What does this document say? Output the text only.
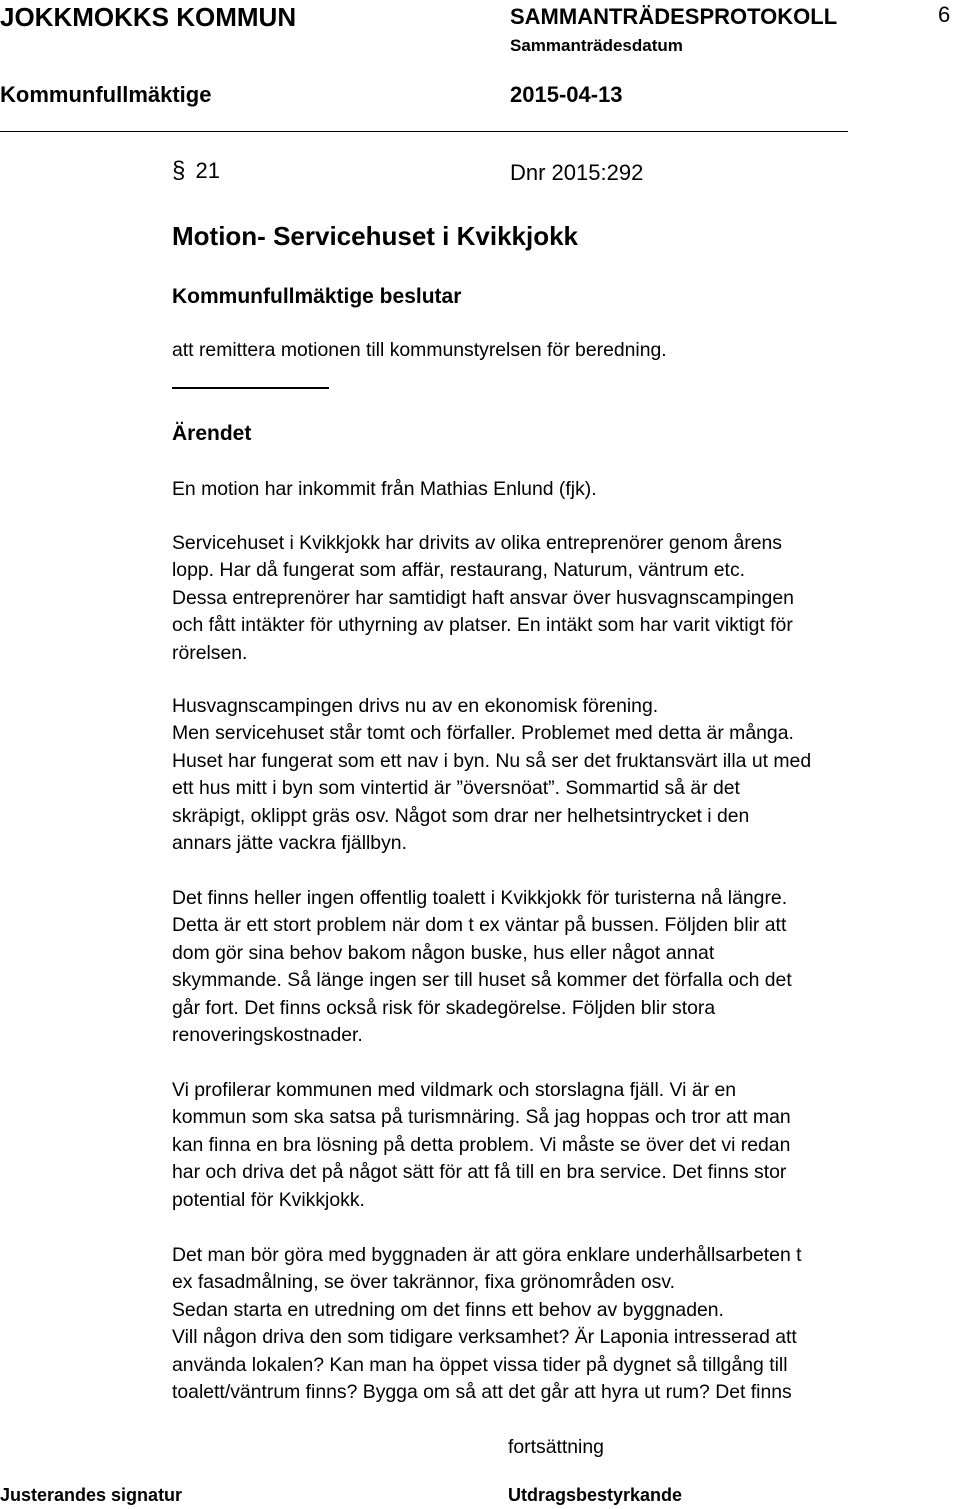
JOKKMOKKS KOMMUN	SAMMANTRÄDESPROTOKOLL	6
Sammanträdesdatum
Kommunfullmäktige	2015-04-13
§ 21	Dnr 2015:292
Motion- Servicehuset i Kvikkjokk
Kommunfullmäktige beslutar
att remittera motionen till kommunstyrelsen för beredning.
Ärendet
En motion har inkommit från Mathias Enlund (fjk).
Servicehuset i Kvikkjokk har drivits av olika entreprenörer genom årens
lopp. Har då fungerat som affär, restaurang, Naturum, väntrum etc.
Dessa entreprenörer har samtidigt haft ansvar över husvagnscampingen
och fått intäkter för uthyrning av platser. En intäkt som har varit viktigt för
rörelsen.
Husvagnscampingen drivs nu av en ekonomisk förening.
Men servicehuset står tomt och förfaller. Problemet med detta är många.
Huset har fungerat som ett nav i byn. Nu så ser det fruktansvärt illa ut med
ett hus mitt i byn som vintertid är ”översnöat”. Sommartid så är det
skräpigt, oklippt gräs osv. Något som drar ner helhetsintrycket i den
annars jätte vackra fjällbyn.
Det finns heller ingen offentlig toalett i Kvikkjokk för turisterna nå längre.
Detta är ett stort problem när dom t ex väntar på bussen. Följden blir att
dom gör sina behov bakom någon buske, hus eller något annat
skymmande. Så länge ingen ser till huset så kommer det förfalla och det
går fort. Det finns också risk för skadegörelse. Följden blir stora
renoveringskostnader.
Vi profilerar kommunen med vildmark och storslagna fjäll. Vi är en
kommun som ska satsa på turismnäring. Så jag hoppas och tror att man
kan finna en bra lösning på detta problem. Vi måste se över det vi redan
har och driva det på något sätt för att få till en bra service. Det finns stor
potential för Kvikkjokk.
Det man bör göra med byggnaden är att göra enklare underhållsarbeten t
ex fasadmålning, se över takrännor, fixa grönområden osv.
Sedan starta en utredning om det finns ett behov av byggnaden.
Vill någon driva den som tidigare verksamhet? Är Laponia intresserad att
använda lokalen? Kan man ha öppet vissa tider på dygnet så tillgång till
toalett/väntrum finns? Bygga om så att det går att hyra ut rum? Det finns
fortsättning
Justerandes signatur	Utdragsbestyrkande
